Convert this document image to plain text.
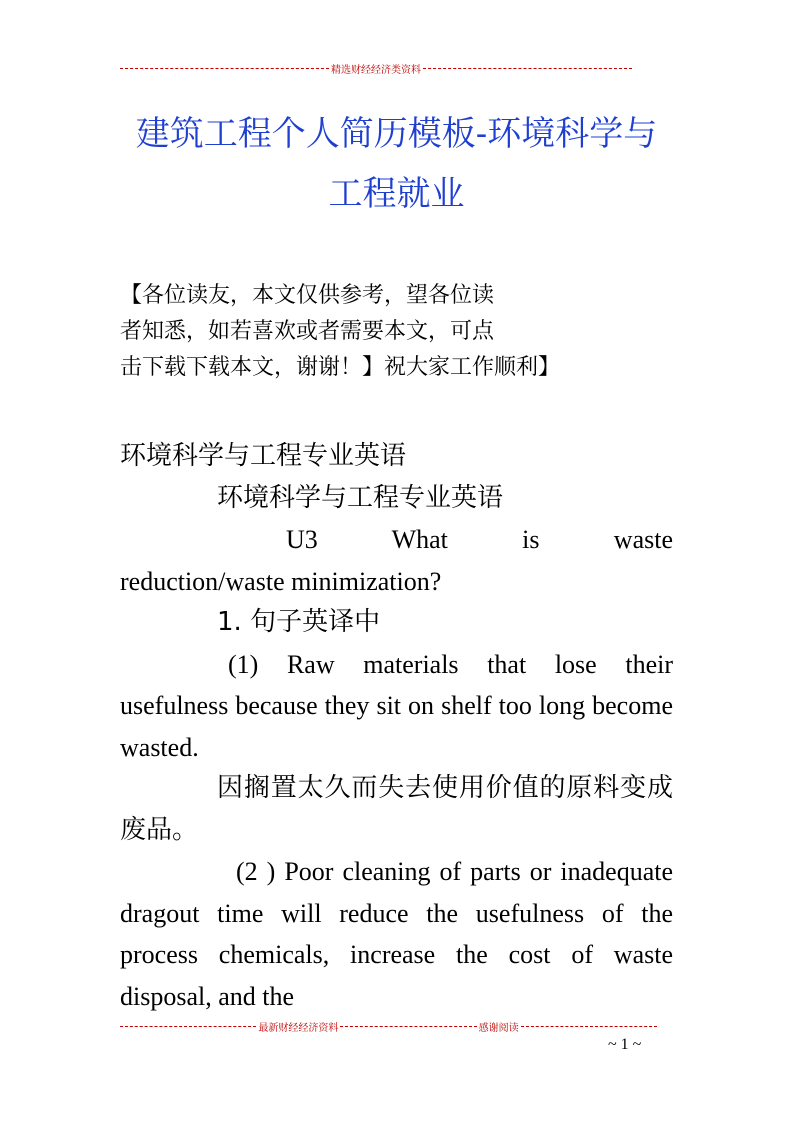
精选财经经济类资料
建筑工程个人简历模板-环境科学与
工程就业
【各位读友，本文仅供参考，望各位读
者知悉，如若喜欢或者需要本文，可点
击下载下载本文，谢谢！】祝大家工作顺利】

环境科学与工程专业英语

环境科学与工程专业英语

U3 What is waste

reduction/waste minimization?

1. 句子英译中

(1) Raw materials that lose their usefulness because they sit on shelf too long become wasted.

因搁置太久而失去使用价值的原料变成废品。

(2 ) Poor cleaning of parts or inadequate dragout time will reduce the usefulness of the process chemicals, increase the cost of waste disposal, and the

最新财经经济资料	感谢阅读
~ 1 ~
